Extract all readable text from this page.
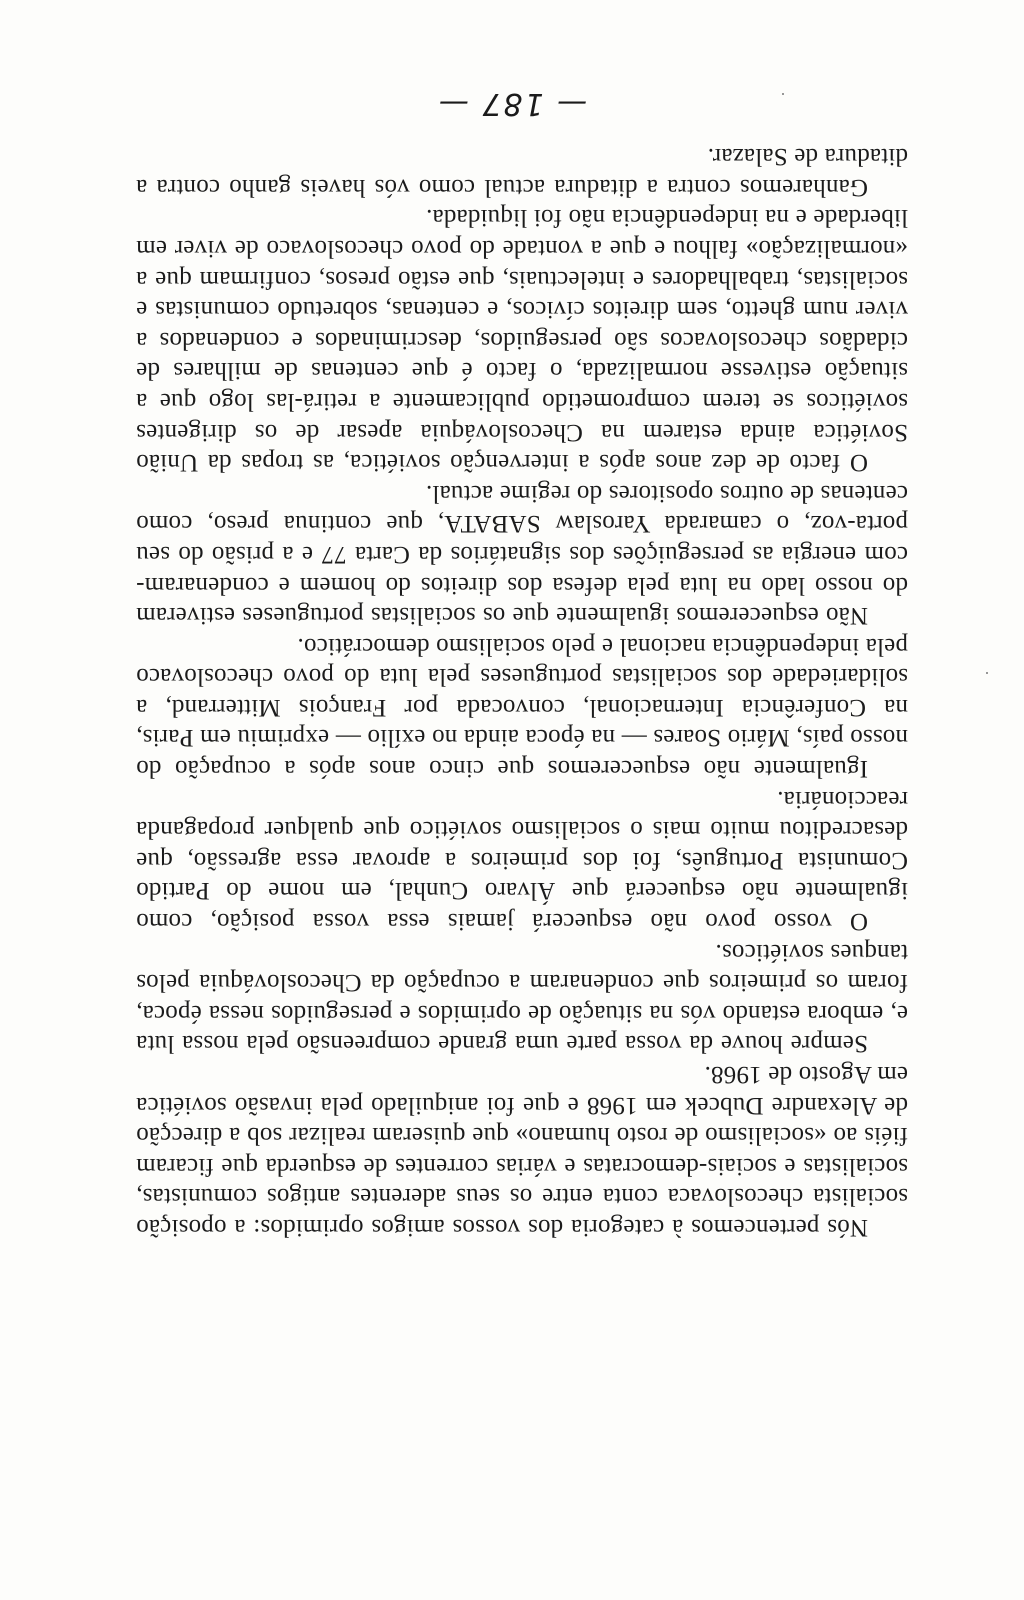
Nós pertencemos à categoria dos vossos amigos oprimidos: a oposição socialista checoslovaca conta entre os seus aderentes antigos comunistas, socialistas e sociais-democratas e várias correntes de esquerda que ficaram fiéis ao «socialismo de rosto humano» que quiseram realizar sob a direcção de Alexandre Dubcek em 1968 e que foi aniquilado pela invasão soviética em Agosto de 1968.

Sempre houve da vossa parte uma grande compreensão pela nossa luta e, embora estando vós na situação de oprimidos e perseguidos nessa época, foram os primeiros que condenaram a ocupação da Checoslováquia pelos tanques soviéticos.

O vosso povo não esquecerá jamais essa vossa posição, como igualmente não esquecerá que Álvaro Cunhal, em nome do Partido Comunista Português, foi dos primeiros a aprovar essa agressão, que desacreditou muito mais o socialismo soviético que qualquer propaganda reaccionária.

Igualmente não esqueceremos que cinco anos após a ocupação do nosso país, Mário Soares — na época ainda no exílio — exprimiu em Paris, na Conferência Internacional, convocada por François Mitterrand, a solidariedade dos socialistas portugueses pela luta do povo checoslovaco pela independência nacional e pelo socialismo democrático.

Não esqueceremos igualmente que os socialistas portugueses estiveram do nosso lado na luta pela defesa dos direitos do homem e condenaram-com energia as perseguições dos signatários da Carta 77 e a prisão do seu porta-voz, o camarada Yaroslaw SABATA, que continua preso, como centenas de outros opositores do regime actual.

O facto de dez anos após a intervenção soviética, as tropas da União Soviética ainda estarem na Checoslováquia apesar de os dirigentes soviéticos se terem comprometido publicamente a retirá-las logo que a situação estivesse normalizada, o facto é que centenas de milhares de cidadãos checoslovacos são perseguidos, descriminados e condenados a viver num ghetto, sem direitos cívicos, e centenas, sobretudo comunistas e socialistas, trabalhadores e intelectuais, que estão presos, confirmam que a «normalização» falhou e que a vontade do povo checoslovaco de viver em liberdade e na independência não foi liquidada.

Ganharemos contra a ditadura actual como vós haveis ganho contra a ditadura de Salazar.

— 187 —
